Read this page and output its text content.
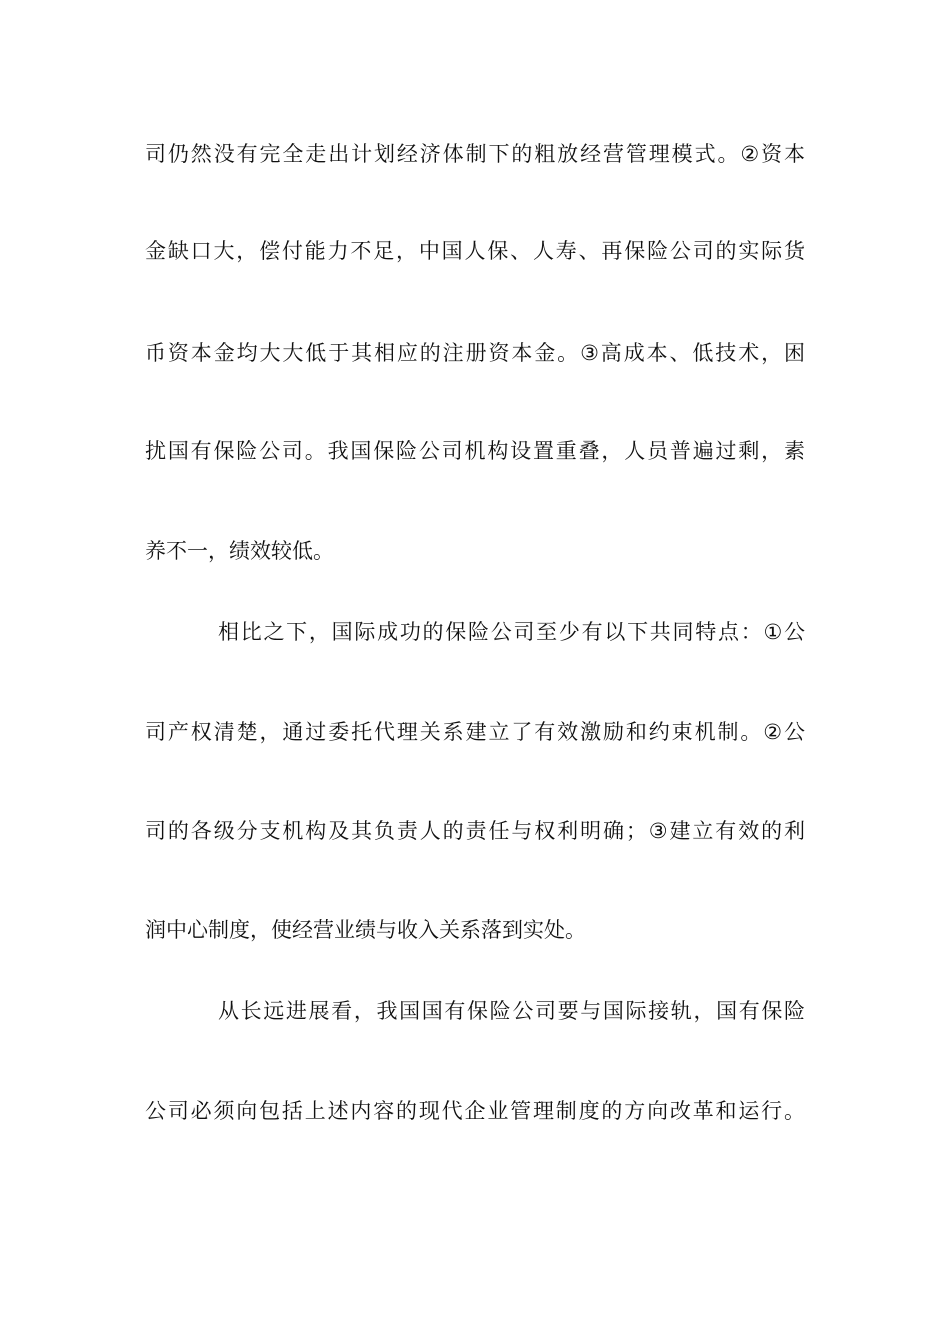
司仍然没有完全走出计划经济体制下的粗放经营管理模式。②资本
金缺口大，偿付能力不足，中国人保、人寿、再保险公司的实际货
币资本金均大大低于其相应的注册资本金。③高成本、低技术，困
扰国有保险公司。我国保险公司机构设置重叠，人员普遍过剩，素
养不一，绩效较低。
相比之下，国际成功的保险公司至少有以下共同特点：①公
司产权清楚，通过委托代理关系建立了有效激励和约束机制。②公
司的各级分支机构及其负责人的责任与权利明确；③建立有效的利
润中心制度，使经营业绩与收入关系落到实处。
从长远进展看，我国国有保险公司要与国际接轨，国有保险
公司必须向包括上述内容的现代企业管理制度的方向改革和运行。
